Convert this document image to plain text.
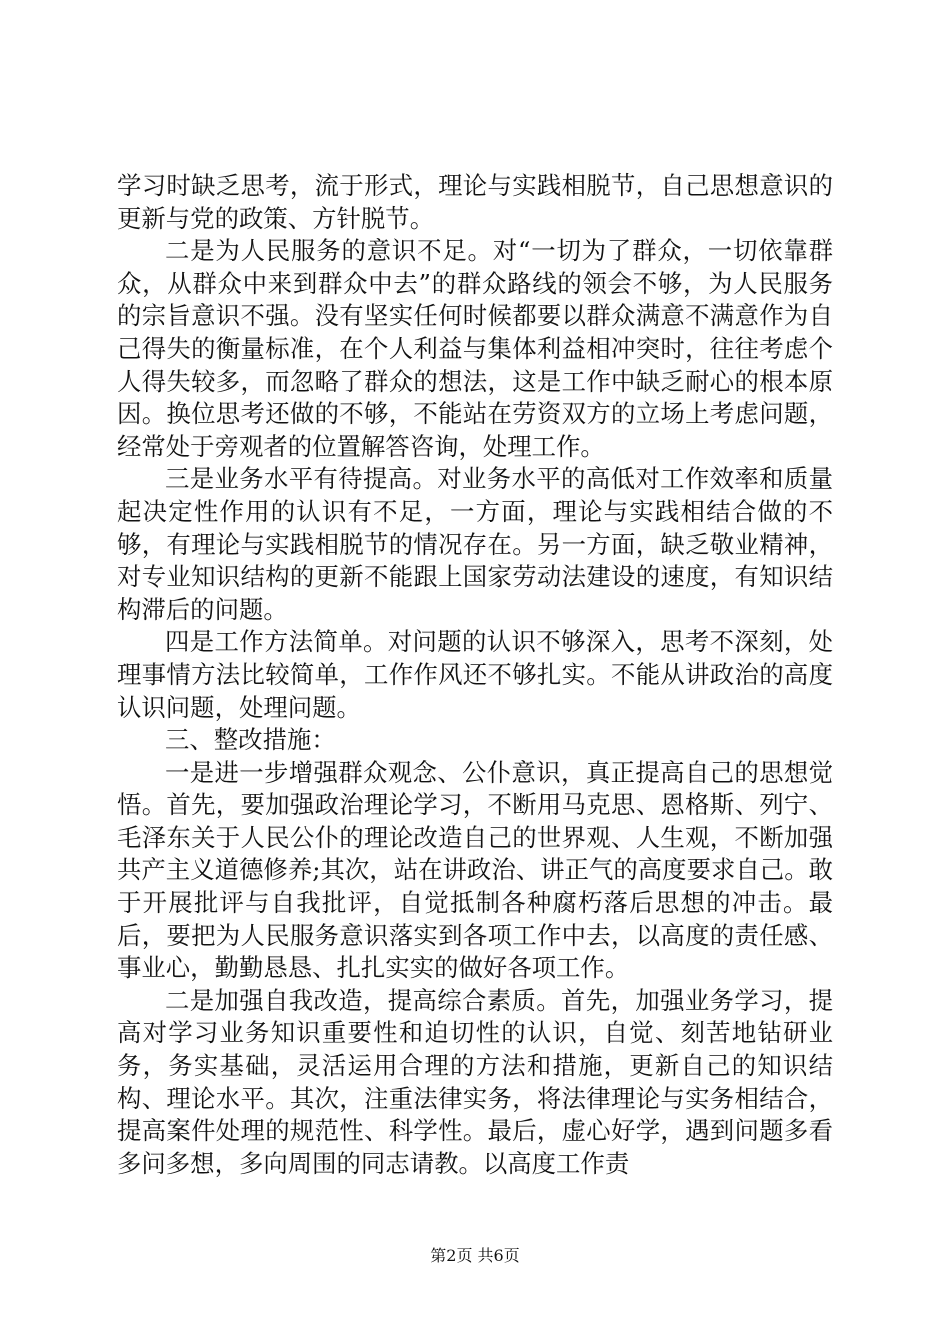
学习时缺乏思考，流于形式，理论与实践相脱节，自己思想意识的更新与党的政策、方针脱节。

二是为人民服务的意识不足。对“一切为了群众，一切依靠群众，从群众中来到群众中去”的群众路线的领会不够，为人民服务的宗旨意识不强。没有坚实任何时候都要以群众满意不满意作为自己得失的衡量标准，在个人利益与集体利益相冲突时，往往考虑个人得失较多，而忽略了群众的想法，这是工作中缺乏耐心的根本原因。换位思考还做的不够，不能站在劳资双方的立场上考虑问题，经常处于旁观者的位置解答咨询，处理工作。

三是业务水平有待提高。对业务水平的高低对工作效率和质量起决定性作用的认识有不足，一方面，理论与实践相结合做的不够，有理论与实践相脱节的情况存在。另一方面，缺乏敬业精神，对专业知识结构的更新不能跟上国家劳动法建设的速度，有知识结构滞后的问题。

四是工作方法简单。对问题的认识不够深入，思考不深刻，处理事情方法比较简单，工作作风还不够扎实。不能从讲政治的高度认识问题，处理问题。

三、整改措施：

一是进一步增强群众观念、公仆意识，真正提高自己的思想觉悟。首先，要加强政治理论学习，不断用马克思、恩格斯、列宁、毛泽东关于人民公仆的理论改造自己的世界观、人生观，不断加强共产主义道德修养;其次，站在讲政治、讲正气的高度要求自己。敢于开展批评与自我批评，自觉抵制各种腐朽落后思想的冲击。最后，要把为人民服务意识落实到各项工作中去，以高度的责任感、事业心，勤勤恳恳、扎扎实实的做好各项工作。

二是加强自我改造，提高综合素质。首先，加强业务学习，提高对学习业务知识重要性和迫切性的认识，自觉、刻苦地钻研业务，务实基础，灵活运用合理的方法和措施，更新自己的知识结构、理论水平。其次，注重法律实务，将法律理论与实务相结合，提高案件处理的规范性、科学性。最后，虚心好学，遇到问题多看多问多想，多向周围的同志请教。以高度工作责

第2页 共6页
